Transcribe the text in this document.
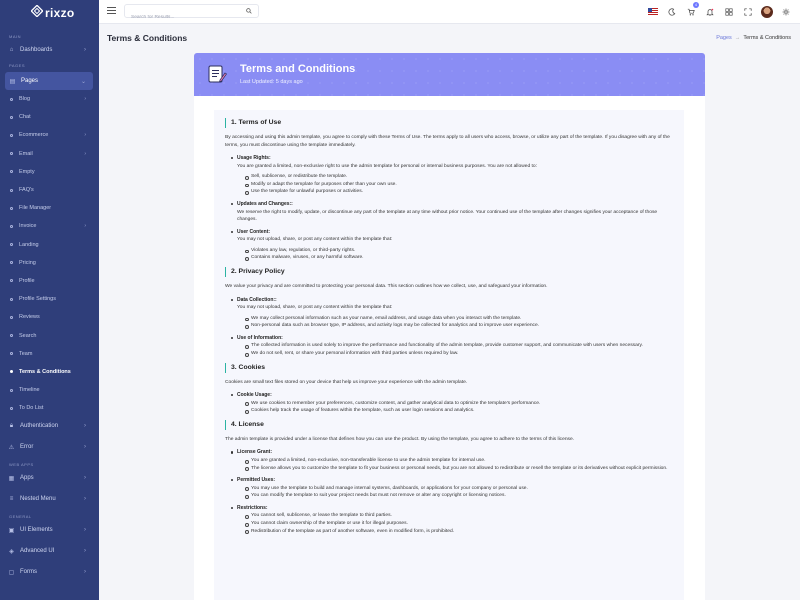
rixzo
MAIN
⌂ Dashboards	›
PAGES
▤ Pages	⌄
Blog	›
Chat
Ecommerce	›
Email	›
Empty
FAQ's
File Manager
Invoice	›
Landing
Pricing
Profile
Profile Settings
Reviews
Search
Team
Terms & Conditions
Timeline
To Do List
🔒︎	Authentication	›
⚠︎ Error	›
WEB APPS
▦ Apps	›
≡ Nested Menu	›
GENERAL
▣ UI Elements	›
◈ Advanced UI	›
▢ Forms	›
Search for Results...
4
Terms & Conditions	Pages → Terms & Conditions
Terms and Conditions

Last Updated: 5 days ago

1. Terms of Use

By accessing and using this admin template, you agree to comply with these Terms of Use. The terms apply to all users who access, browse, or utilize any part of the template. If you disagree with any of the terms, you must discontinue using the template immediately.

Usage Rights:
You are granted a limited, non-exclusive right to use the admin template for personal or internal business purposes. You are not allowed to:
Sell, sublicense, or redistribute the template.
Modify or adapt the template for purposes other than your own use.
Use the template for unlawful purposes or activities.
Updates and Changes::
We reserve the right to modify, update, or discontinue any part of the template at any time without prior notice. Your continued use of the template after changes signifies your acceptance of those changes.
User Content:
You may not upload, share, or post any content within the template that:
Violates any law, regulation, or third-party rights.
Contains malware, viruses, or any harmful software.
2. Privacy Policy

We value your privacy and are committed to protecting your personal data. This section outlines how we collect, use, and safeguard your information.

Data Collection::
You may not upload, share, or post any content within the template that:
We may collect personal information such as your name, email address, and usage data when you interact with the template.
Non-personal data such as browser type, IP address, and activity logs may be collected for analytics and to improve user experience.
Use of Information:
The collected information is used solely to improve the performance and functionality of the admin template, provide customer support, and communicate with users when necessary.
We do not sell, rent, or share your personal information with third parties unless required by law.
3. Cookies

Cookies are small text files stored on your device that help us improve your experience with the admin template.

Cookie Usage:
We use cookies to remember your preferences, customize content, and gather analytical data to optimize the template's performance.
Cookies help track the usage of features within the template, such as user login sessions and analytics.
4. License

The admin template is provided under a license that defines how you can use the product. By using the template, you agree to adhere to the terms of this license.

License Grant:
You are granted a limited, non-exclusive, non-transferable license to use the admin template for internal use.
The license allows you to customize the template to fit your business or personal needs, but you are not allowed to redistribute or resell the template or its derivatives without explicit permission.
Permitted Uses:
You may use the template to build and manage internal systems, dashboards, or applications for your company or personal use.
You can modify the template to suit your project needs but must not remove or alter any copyright or licensing notices.
Restrictions:
You cannot sell, sublicense, or lease the template to third parties.
You cannot claim ownership of the template or use it for illegal purposes.
Redistribution of the template as part of another software, even in modified form, is prohibited.
